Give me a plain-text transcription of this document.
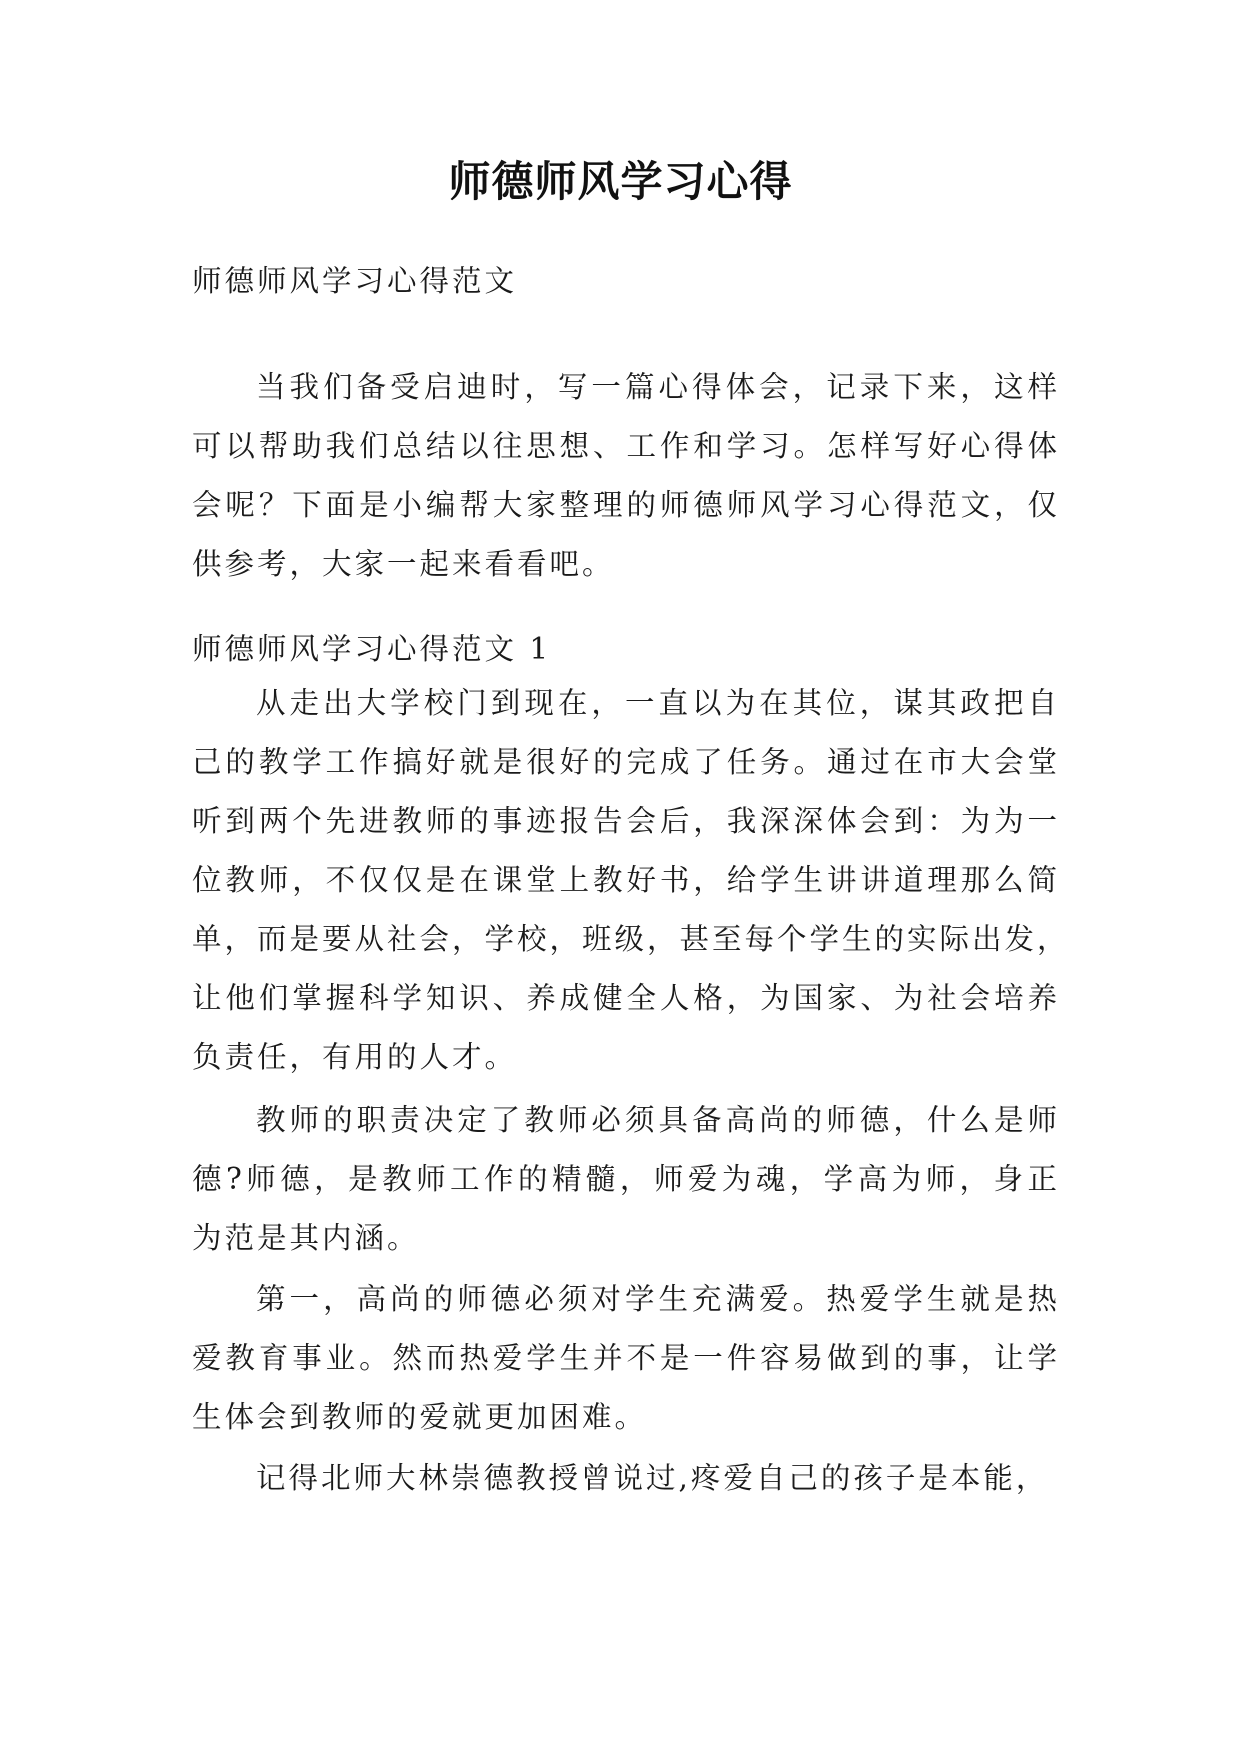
师德师风学习心得
师德师风学习心得范文
当我们备受启迪时，写一篇心得体会，记录下来，这样
可以帮助我们总结以往思想、工作和学习。怎样写好心得体
会呢？下面是小编帮大家整理的师德师风学习心得范文，仅
供参考，大家一起来看看吧。
师德师风学习心得范文 1
从走出大学校门到现在，一直以为在其位，谋其政把自
己的教学工作搞好就是很好的完成了任务。通过在市大会堂
听到两个先进教师的事迹报告会后，我深深体会到：为为一
位教师，不仅仅是在课堂上教好书，给学生讲讲道理那么简
单，而是要从社会，学校，班级，甚至每个学生的实际出发，
让他们掌握科学知识、养成健全人格，为国家、为社会培养
负责任，有用的人才。
教师的职责决定了教师必须具备高尚的师德，什么是师
德?师德，是教师工作的精髓，师爱为魂，学高为师，身正
为范是其内涵。
第一，高尚的师德必须对学生充满爱。热爱学生就是热
爱教育事业。然而热爱学生并不是一件容易做到的事，让学
生体会到教师的爱就更加困难。
记得北师大林崇德教授曾说过,疼爱自己的孩子是本能，
